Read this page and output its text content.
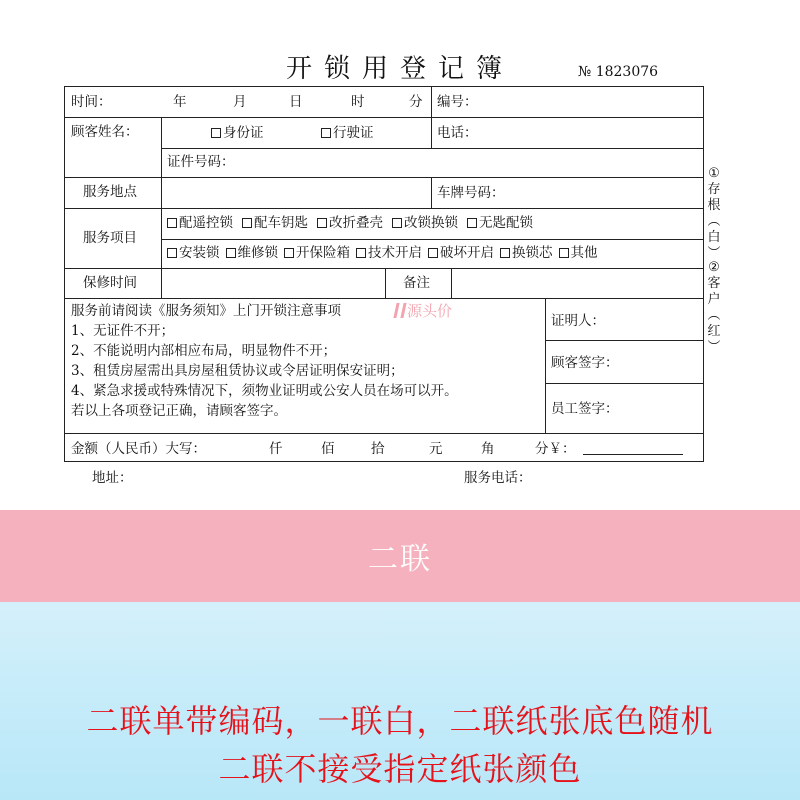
开锁用登记簿	№ 1823076
时间：	年	月	日	时	分 编号：
顾客姓名：	身份证	行驶证	电话：
证件号码：
服务地点	车牌号码：
服务项目
配遥控锁 配车钥匙 改折叠壳 改锁换锁 无匙配锁
安装锁 维修锁 开保险箱 技术开启 破坏开启 换锁芯 其他
保修时间	备注
服务前请阅读《服务须知》上门开锁注意事项
1、无证件不开；
2、不能说明内部相应布局，明显物件不开；
3、租赁房屋需出具房屋租赁协议或令居证明保安证明；
4、紧急求援或特殊情况下，须物业证明或公安人员在场可以开。
若以上各项登记正确，请顾客签字。
证明人：
顾客签字：
员工签字：
金额（人民币）大写：	仟	佰	拾	元	角	分￥：
源头价
①
存
根
︵
白
︶
②
客
户
︵
红
︶
地址：	服务电话：
二联
二联单带编码，一联白，二联纸张底色随机
二联不接受指定纸张颜色
